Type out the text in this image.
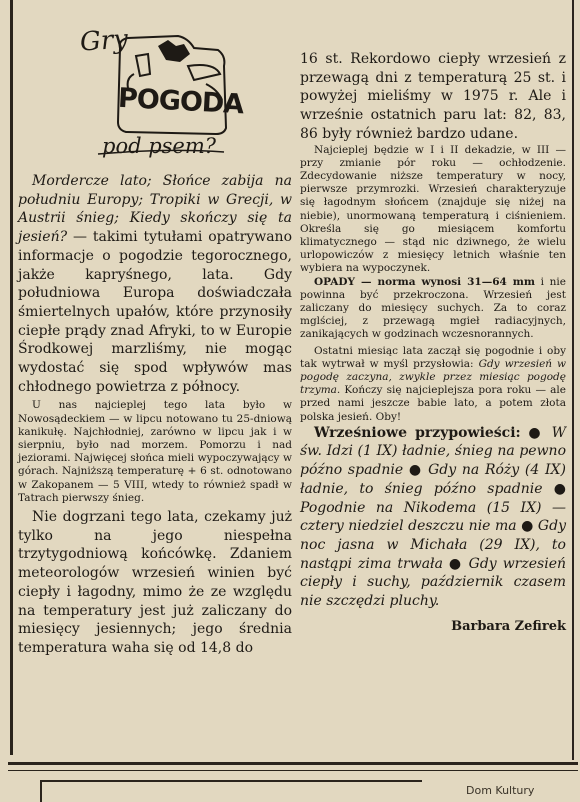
Dom Kultury
Gry
POGODA
pod psem?

Mordercze lato; Słońce zabija na południu Europy; Tropiki w Grecji, w Austrii śnieg; Kiedy skończy się ta jesień? — takimi tytułami opatrywano informacje o pogodzie tegorocznego, jakże kapryśnego, lata. Gdy południowa Europa doświadczała śmiertelnych upałów, które przynosiły ciepłe prądy znad Afryki, to w Europie Środkowej marzliśmy, nie mogąc wydostać się spod wpływów mas chłodnego powietrza z północy.

U nas najcieplej tego lata było w Nowosądeckiem — w lipcu notowano tu 25-dniową kanikułę. Najchłodniej, zarówno w lipcu jak i w sierpniu, było nad morzem. Pomorzu i nad jeziorami. Najwięcej słońca mieli wypoczywający w górach. Najniższą temperaturę + 6 st. odnotowano w Zakopanem — 5 VIII, wtedy to również spadł w Tatrach pierwszy śnieg.

Nie dogrzani tego lata, czekamy już tylko na jego niespełna trzytygodniową końcówkę. Zdaniem meteorologów wrzesień winien być ciepły i łagodny, mimo że ze względu na temperatury jest już zaliczany do miesięcy jesiennych; jego średnia temperatura waha się od 14,8 do

16 st. Rekordowo ciepły wrzesień z przewagą dni z temperaturą 25 st. i powyżej mieliśmy w 1975 r. Ale i wrześnie ostatnich paru lat: 82, 83, 86 były również bardzo udane.

Najcieplej będzie w I i II dekadzie, w III — przy zmianie pór roku — ochłodzenie. Zdecydowanie niższe temperatury w nocy, pierwsze przymrozki. Wrzesień charakteryzuje się łagodnym słońcem (znajduje się niżej na niebie), unormowaną temperaturą i ciśnieniem. Określa się go miesiącem komfortu klimatycznego — stąd nic dziwnego, że wielu urlopowiczów z miesięcy letnich właśnie ten wybiera na wypoczynek.

OPADY — norma wynosi 31—64 mm i nie powinna być przekroczona. Wrzesień jest zaliczany do miesięcy suchych. Za to coraz mglściej, z przewagą mgieł radiacyjnych, zanikających w godzinach wczesnorannych.

Ostatni miesiąc lata zaczął się pogodnie i oby tak wytrwał w myśl przysłowia: Gdy wrzesień w pogodę zaczyna, zwykle przez miesiąc pogodę trzyma. Kończy się najcieplejsza pora roku — ale przed nami jeszcze babie lato, a potem złota polska jesień. Oby!

Wrześniowe przypowieści: ● W św. Idzi (1 IX) ładnie, śnieg na pewno późno spadnie ● Gdy na Róży (4 IX) ładnie, to śnieg późno spadnie ● Pogodnie na Nikodema (15 IX) — cztery niedziel deszczu nie ma ● Gdy noc jasna w Michała (29 IX), to nastąpi zima trwała ● Gdy wrzesień ciepły i suchy, październik czasem nie szczędzi pluchy.

Barbara Zefirek
